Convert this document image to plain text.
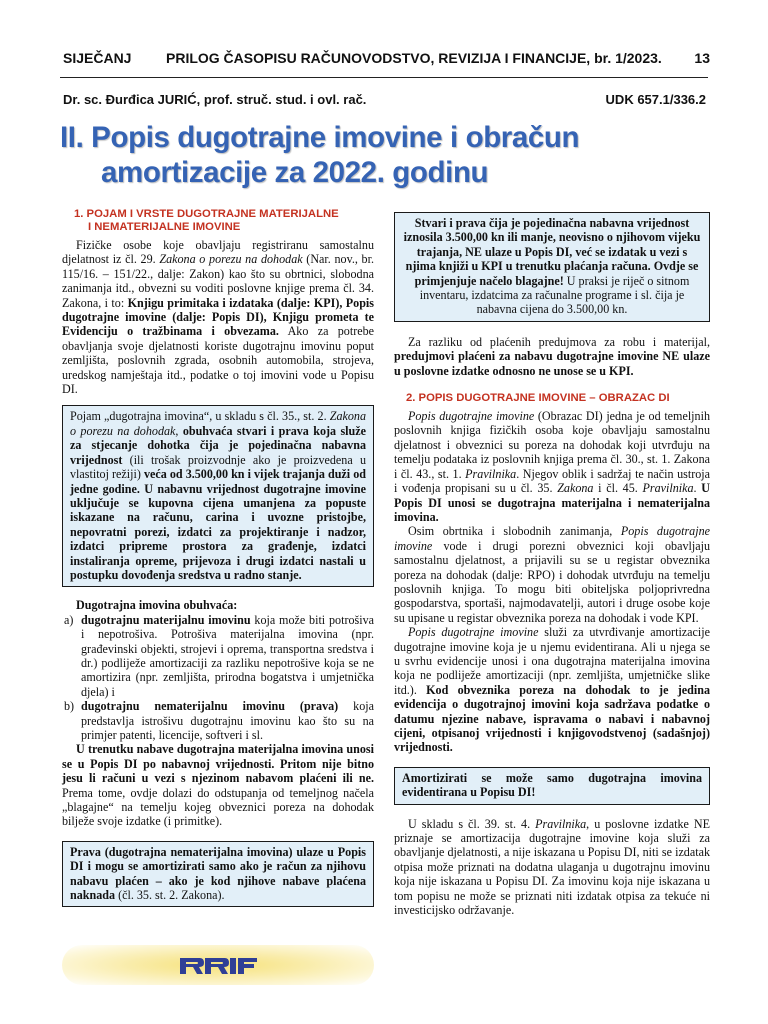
SIJEČANJ PRILOG ČASOPISU RAČUNOVODSTVO, REVIZIJA I FINANCIJE, br. 1/2023. 13
Dr. sc. Đurđica JURIĆ, prof. struč. stud. i ovl. rač.	UDK 657.1/336.2
II. Popis dugotrajne imovine i obračun
amortizacije za 2022. godinu
1. POJAM I VRSTE DUGOTRAJNE MATERIJALNE
I NEMATERIJALNE IMOVINE

Fizičke osobe koje obavljaju registriranu samostalnu djelatnost iz čl. 29. Zakona o porezu na dohodak (Nar. nov., br. 115/16. – 151/22., dalje: Zakon) kao što su obrtnici, slobodna zanimanja itd., obvezni su voditi poslovne knjige prema čl. 34. Zakona, i to: Knjigu primitaka i izdataka (dalje: KPI), Popis dugotrajne imovine (dalje: Popis DI), Knjigu prometa te Evidenciju o tražbinama i obvezama. Ako za potrebe obavljanja svoje djelatnosti koriste dugotrajnu imovinu poput zemljišta, poslovnih zgrada, osobnih automobila, strojeva, uredskog namještaja itd., podatke o toj imovini vode u Popisu DI.

Pojam „dugotrajna imovina“, u skladu s čl. 35., st. 2. Zakona o porezu na dohodak, obuhvaća stvari i prava koja služe za stjecanje dohotka čija je pojedinačna nabavna vrijednost (ili trošak proizvodnje ako je proizvedena u vlastitoj režiji) veća od 3.500,00 kn i vijek trajanja duži od jedne godine. U nabavnu vrijednost dugotrajne imovine uključuje se kupovna cijena umanjena za popuste iskazane na računu, carina i uvozne pristojbe, nepovratni porezi, izdatci za projektiranje i nadzor, izdatci pripreme prostora za građenje, izdatci instaliranja opreme, prijevoza i drugi izdatci nastali u postupku dovođenja sredstva u radno stanje.

Dugotrajna imovina obuhvaća:

a) dugotrajnu materijalnu imovinu koja može biti potrošiva i nepotrošiva. Potrošiva materijalna imovina (npr. građevinski objekti, strojevi i oprema, transportna sredstva i dr.) podliježe amortizaciji za razliku nepotrošive koja se ne amortizira (npr. zemljišta, prirodna bogatstva i umjetnička djela) i

b) dugotrajnu nematerijalnu imovinu (prava) koja predstavlja istrošivu dugotrajnu imovinu kao što su na primjer patenti, licencije, softveri i sl.

U trenutku nabave dugotrajna materijalna imovina unosi se u Popis DI po nabavnoj vrijednosti. Pritom nije bitno jesu li računi u vezi s njezinom nabavom plaćeni ili ne. Prema tome, ovdje dolazi do odstupanja od temeljnog načela „blagajne“ na temelju kojeg obveznici poreza na dohodak bilježe svoje izdatke (i primitke).

Prava (dugotrajna nematerijalna imovina) ulaze u Popis DI i mogu se amortizirati samo ako je račun za njihovu nabavu plaćen – ako je kod njihove nabave plaćena naknada (čl. 35. st. 2. Zakona).

Stvari i prava čija je pojedinačna nabavna vrijednost iznosila 3.500,00 kn ili manje, neovisno o njihovom vijeku trajanja, NE ulaze u Popis DI, već se izdatak u vezi s njima knjiži u KPI u trenutku plaćanja računa. Ovdje se primjenjuje načelo blagajne! U praksi je riječ o sitnom inventaru, izdatcima za računalne programe i sl. čija je nabavna cijena do 3.500,00 kn.

Za razliku od plaćenih predujmova za robu i materijal, predujmovi plaćeni za nabavu dugotrajne imovine NE ulaze u poslovne izdatke odnosno ne unose se u KPI.

2. POPIS DUGOTRAJNE IMOVINE – OBRAZAC DI

Popis dugotrajne imovine (Obrazac DI) jedna je od temeljnih poslovnih knjiga fizičkih osoba koje obavljaju samostalnu djelatnost i obveznici su poreza na dohodak koji utvrđuju na temelju podataka iz poslovnih knjiga prema čl. 30., st. 1. Zakona i čl. 43., st. 1. Pravilnika. Njegov oblik i sadržaj te način ustroja i vođenja propisani su u čl. 35. Zakona i čl. 45. Pravilnika. U Popis DI unosi se dugotrajna materijalna i nematerijalna imovina.

Osim obrtnika i slobodnih zanimanja, Popis dugotrajne imovine vode i drugi porezni obveznici koji obavljaju samostalnu djelatnost, a prijavili su se u registar obveznika poreza na dohodak (dalje: RPO) i dohodak utvrđuju na temelju poslovnih knjiga. To mogu biti obiteljska poljoprivredna gospodarstva, sportaši, najmodavatelji, autori i druge osobe koje su upisane u registar obveznika poreza na dohodak i vode KPI.

Popis dugotrajne imovine služi za utvrđivanje amortizacije dugotrajne imovine koja je u njemu evidentirana. Ali u njega se u svrhu evidencije unosi i ona dugotrajna materijalna imovina koja ne podliježe amortizaciji (npr. zemljišta, umjetničke slike itd.). Kod obveznika poreza na dohodak to je jedina evidencija o dugotrajnoj imovini koja sadržava podatke o datumu njezine nabave, ispravama o nabavi i nabavnoj cijeni, otpisanoj vrijednosti i knjigovodstvenoj (sadašnjoj) vrijednosti.

Amortizirati se može samo dugotrajna imovina evidentirana u Popisu DI!

U skladu s čl. 39. st. 4. Pravilnika, u poslovne izdatke NE priznaje se amortizacija dugotrajne imovine koja služi za obavljanje djelatnosti, a nije iskazana u Popisu DI, niti se izdatak otpisa može priznati na dodatna ulaganja u dugotrajnu imovinu koja nije iskazana u Popisu DI. Za imovinu koja nije iskazana u tom popisu ne može se priznati niti izdatak otpisa za tekuće ni investicijsko održavanje.
